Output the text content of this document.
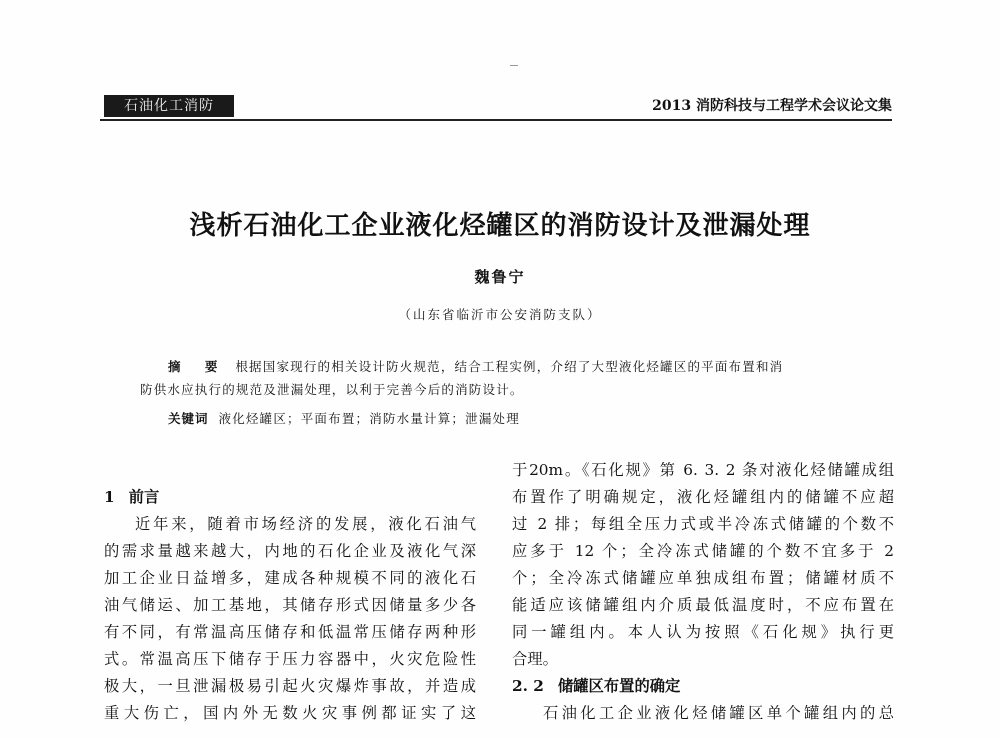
石油化工消防	2013 消防科技与工程学术会议论文集
浅析石油化工企业液化烃罐区的消防设计及泄漏处理
魏鲁宁
（山东省临沂市公安消防支队）
摘 要 根据国家现行的相关设计防火规范，结合工程实例，介绍了大型液化烃罐区的平面布置和消
防供水应执行的规范及泄漏处理，以利于完善今后的消防设计。
关键词 液化烃罐区；平面布置；消防水量计算；泄漏处理
1 前言
近年来，随着市场经济的发展，液化石油气
的需求量越来越大，内地的石化企业及液化气深
加工企业日益增多，建成各种规模不同的液化石
油气储运、加工基地，其储存形式因储量多少各
有不同，有常温高压储存和低温常压储存两种形
式。常温高压下储存于压力容器中，火灾危险性
极大，一旦泄漏极易引起火灾爆炸事故，并造成
重大伤亡，国内外无数火灾事例都证实了这
于20m。《石化规》第 6. 3. 2 条对液化烃储罐成组
布置作了明确规定，液化烃罐组内的储罐不应超
过 2 排；每组全压力式或半冷冻式储罐的个数不
应多于 12 个；全冷冻式储罐的个数不宜多于 2
个；全冷冻式储罐应单独成组布置；储罐材质不
能适应该储罐组内介质最低温度时，不应布置在
同一罐组内。本人认为按照《石化规》执行更
合理。
2. 2 储罐区布置的确定
石油化工企业液化烃储罐区单个罐组内的总
